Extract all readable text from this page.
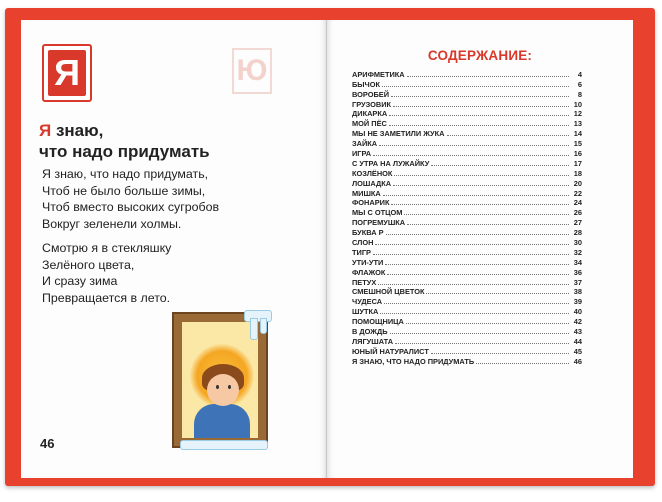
Я	Ю
Я знаю,
что надо придумать
Я знаю, что надо придумать,
Чтоб не было больше зимы,
Чтоб вместо высоких сугробов
Вокруг зеленели холмы.
Смотрю я в стекляшку
Зелёного цвета,
И сразу зима
Превращается в лето.
46
СОДЕРЖАНИЕ:
АРИФМЕТИКА	4
БЫЧОК	6
ВОРОБЕЙ	8
ГРУЗОВИК	10
ДИКАРКА	12
МОЙ ПЁС	13
МЫ НЕ ЗАМЕТИЛИ ЖУКА	14
ЗАЙКА	15
ИГРА	16
С УТРА НА ЛУЖАЙКУ	17
КОЗЛЁНОК	18
ЛОШАДКА	20
МИШКА	22
ФОНАРИК	24
МЫ С ОТЦОМ	26
ПОГРЕМУШКА	27
БУКВА Р	28
СЛОН	30
ТИГР	32
УТИ-УТИ	34
ФЛАЖОК	36
ПЕТУХ	37
СМЕШНОЙ ЦВЕТОК	38
ЧУДЕСА	39
ШУТКА	40
ПОМОЩНИЦА	42
В ДОЖДЬ	43
ЛЯГУШАТА	44
ЮНЫЙ НАТУРАЛИСТ	45
Я ЗНАЮ, ЧТО НАДО ПРИДУМАТЬ	46
